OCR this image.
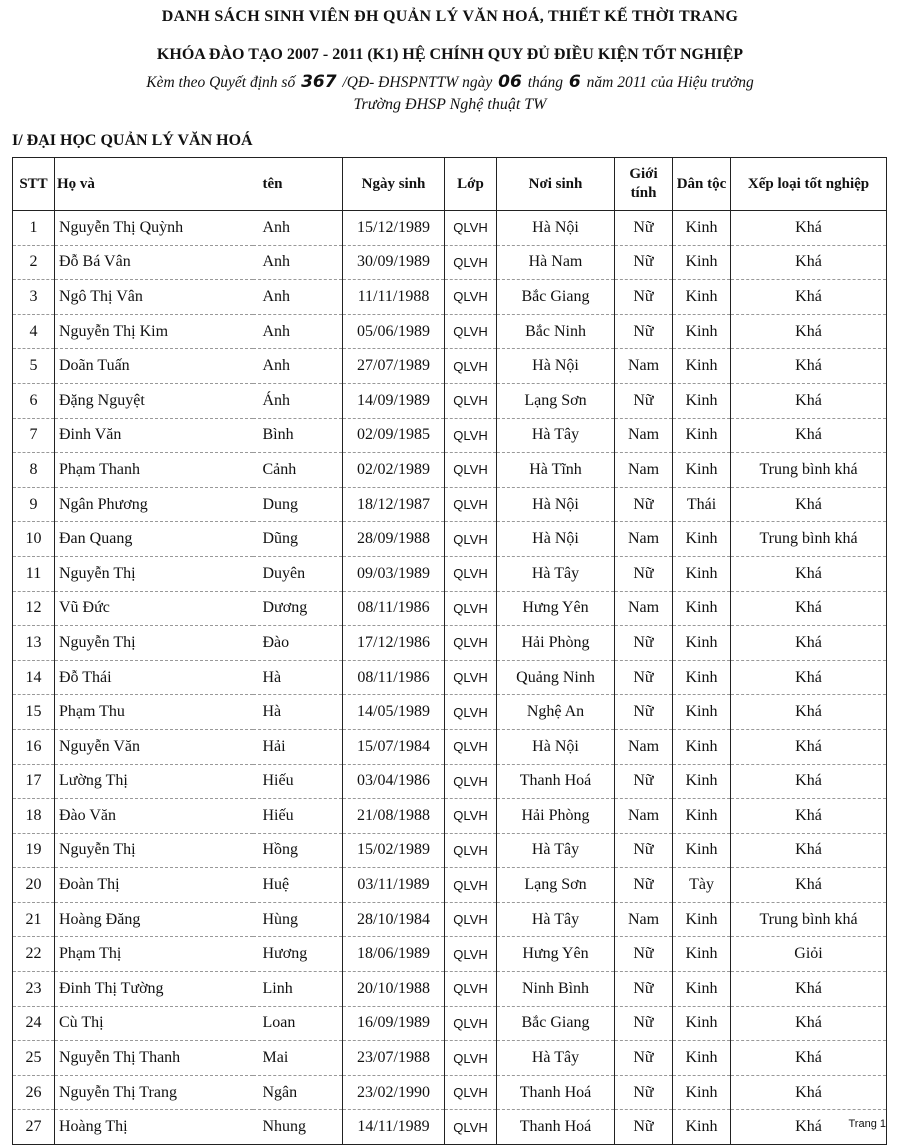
DANH SÁCH SINH VIÊN ĐH QUẢN LÝ VĂN HOÁ, THIẾT KẾ THỜI TRANG
KHÓA ĐÀO TẠO 2007 - 2011 (K1) HỆ CHÍNH QUY ĐỦ ĐIỀU KIỆN TỐT NGHIỆP
Kèm theo Quyết định số 367 /QĐ- ĐHSPNTTW ngày 06 tháng 6 năm 2011 của Hiệu trưởng
Trường ĐHSP Nghệ thuật TW
I/ ĐẠI HỌC QUẢN LÝ VĂN HOÁ
STT	Họ và	tên	Ngày sinh	Lớp	Nơi sinh	Giới tính	Dân tộc	Xếp loại tốt nghiệp
1	Nguyễn Thị Quỳnh	Anh	15/12/1989	QLVH	Hà Nội	Nữ	Kinh	Khá
2	Đỗ Bá Vân	Anh	30/09/1989	QLVH	Hà Nam	Nữ	Kinh	Khá
3	Ngô Thị Vân	Anh	11/11/1988	QLVH	Bắc Giang	Nữ	Kinh	Khá
4	Nguyễn Thị Kim	Anh	05/06/1989	QLVH	Bắc Ninh	Nữ	Kinh	Khá
5	Doãn Tuấn	Anh	27/07/1989	QLVH	Hà Nội	Nam	Kinh	Khá
6	Đặng Nguyệt	Ánh	14/09/1989	QLVH	Lạng Sơn	Nữ	Kinh	Khá
7	Đinh Văn	Bình	02/09/1985	QLVH	Hà Tây	Nam	Kinh	Khá
8	Phạm Thanh	Cảnh	02/02/1989	QLVH	Hà Tĩnh	Nam	Kinh	Trung bình khá
9	Ngân Phương	Dung	18/12/1987	QLVH	Hà Nội	Nữ	Thái	Khá
10	Đan Quang	Dũng	28/09/1988	QLVH	Hà Nội	Nam	Kinh	Trung bình khá
11	Nguyễn Thị	Duyên	09/03/1989	QLVH	Hà Tây	Nữ	Kinh	Khá
12	Vũ Đức	Dương	08/11/1986	QLVH	Hưng Yên	Nam	Kinh	Khá
13	Nguyễn Thị	Đào	17/12/1986	QLVH	Hải Phòng	Nữ	Kinh	Khá
14	Đỗ Thái	Hà	08/11/1986	QLVH	Quảng Ninh	Nữ	Kinh	Khá
15	Phạm Thu	Hà	14/05/1989	QLVH	Nghệ An	Nữ	Kinh	Khá
16	Nguyễn Văn	Hải	15/07/1984	QLVH	Hà Nội	Nam	Kinh	Khá
17	Lường Thị	Hiếu	03/04/1986	QLVH	Thanh Hoá	Nữ	Kinh	Khá
18	Đào Văn	Hiếu	21/08/1988	QLVH	Hải Phòng	Nam	Kinh	Khá
19	Nguyễn Thị	Hồng	15/02/1989	QLVH	Hà Tây	Nữ	Kinh	Khá
20	Đoàn Thị	Huệ	03/11/1989	QLVH	Lạng Sơn	Nữ	Tày	Khá
21	Hoàng Đăng	Hùng	28/10/1984	QLVH	Hà Tây	Nam	Kinh	Trung bình khá
22	Phạm Thị	Hương	18/06/1989	QLVH	Hưng Yên	Nữ	Kinh	Giỏi
23	Đinh Thị Tường	Linh	20/10/1988	QLVH	Ninh Bình	Nữ	Kinh	Khá
24	Cù Thị	Loan	16/09/1989	QLVH	Bắc Giang	Nữ	Kinh	Khá
25	Nguyễn Thị Thanh	Mai	23/07/1988	QLVH	Hà Tây	Nữ	Kinh	Khá
26	Nguyễn Thị Trang	Ngân	23/02/1990	QLVH	Thanh Hoá	Nữ	Kinh	Khá
27	Hoàng Thị	Nhung	14/11/1989	QLVH	Thanh Hoá	Nữ	Kinh	Khá Trang 1
